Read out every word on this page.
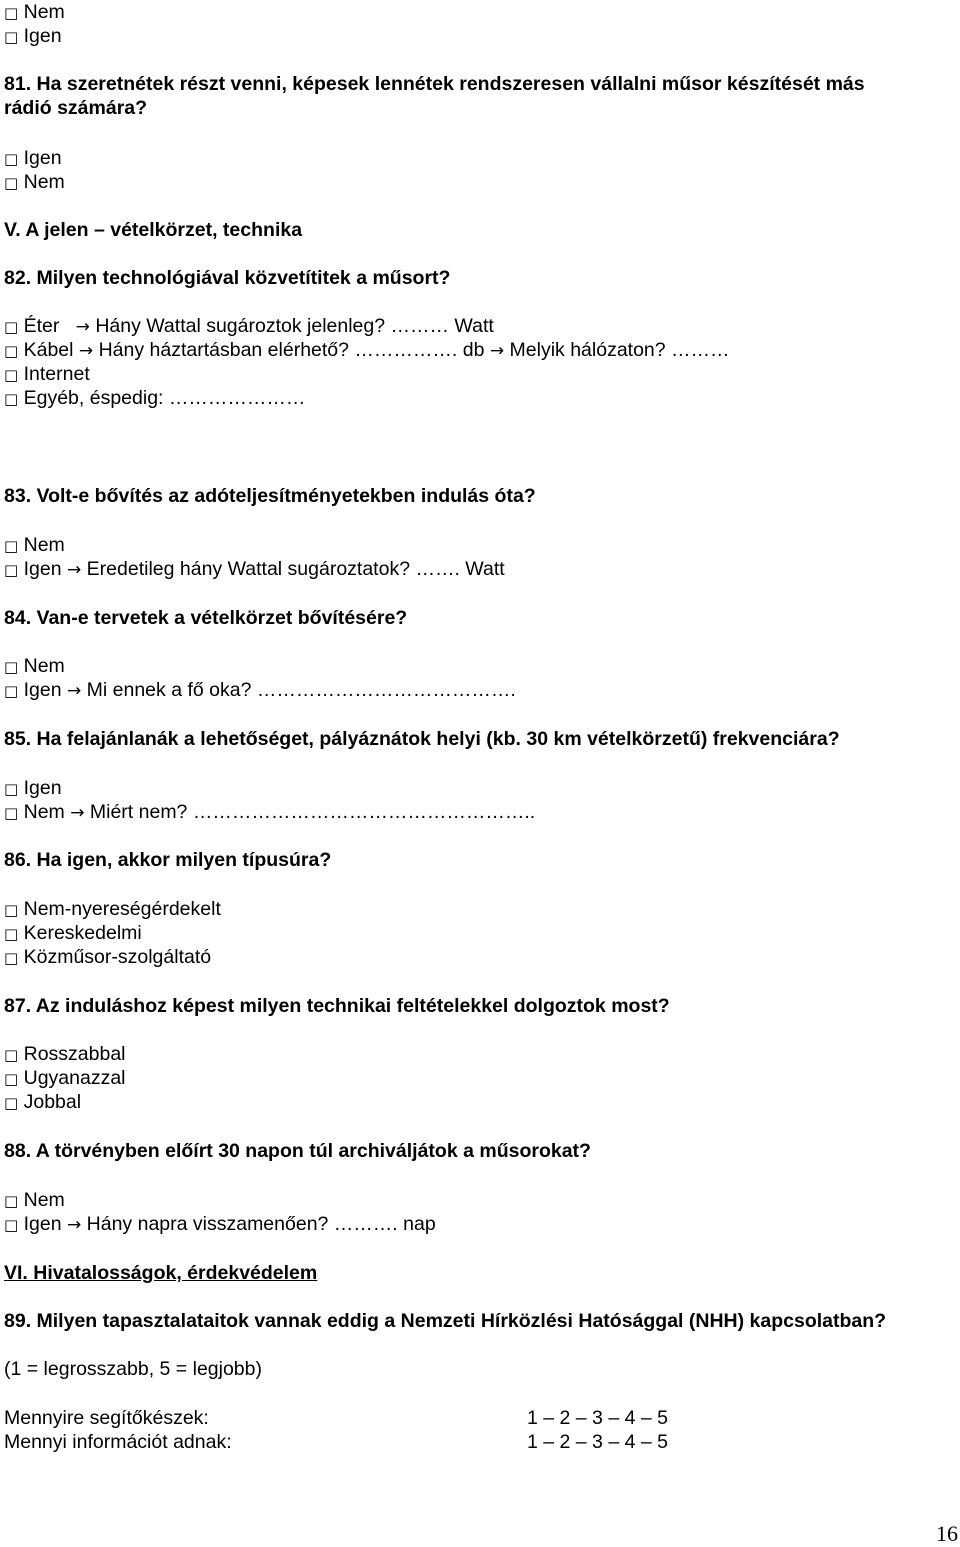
□ Nem
□ Igen
81. Ha szeretnétek részt venni, képesek lennétek rendszeresen vállalni műsor készítését más
rádió számára?
□ Igen
□ Nem
V. A jelen – vételkörzet, technika
82. Milyen technológiával közvetítitek a műsort?
□ Éter → Hány Wattal sugároztok jelenleg? ……… Watt
□ Kábel → Hány háztartásban elérhető? ……………. db → Melyik hálózaton? ………
□ Internet
□ Egyéb, éspedig: …………………
83. Volt-e bővítés az adóteljesítményetekben indulás óta?
□ Nem
□ Igen → Eredetileg hány Wattal sugároztatok? ……. Watt
84. Van-e tervetek a vételkörzet bővítésére?
□ Nem
□ Igen → Mi ennek a fő oka? ………………………………….
85. Ha felajánlanák a lehetőséget, pályáznátok helyi (kb. 30 km vételkörzetű) frekvenciára?
□ Igen
□ Nem → Miért nem? ……………………………………………..
86. Ha igen, akkor milyen típusúra?
□ Nem-nyereségérdekelt
□ Kereskedelmi
□ Közműsor-szolgáltató
87. Az induláshoz képest milyen technikai feltételekkel dolgoztok most?
□ Rosszabbal
□ Ugyanazzal
□ Jobbal
88. A törvényben előírt 30 napon túl archiváljátok a műsorokat?
□ Nem
□ Igen → Hány napra visszamenően? ………. nap
VI. Hivatalosságok, érdekvédelem
89. Milyen tapasztalataitok vannak eddig a Nemzeti Hírközlési Hatósággal (NHH) kapcsolatban?
(1 = legrosszabb, 5 = legjobb)
Mennyire segítőkészek:	1 – 2 – 3 – 4 – 5
Mennyi információt adnak:	1 – 2 – 3 – 4 – 5
16
